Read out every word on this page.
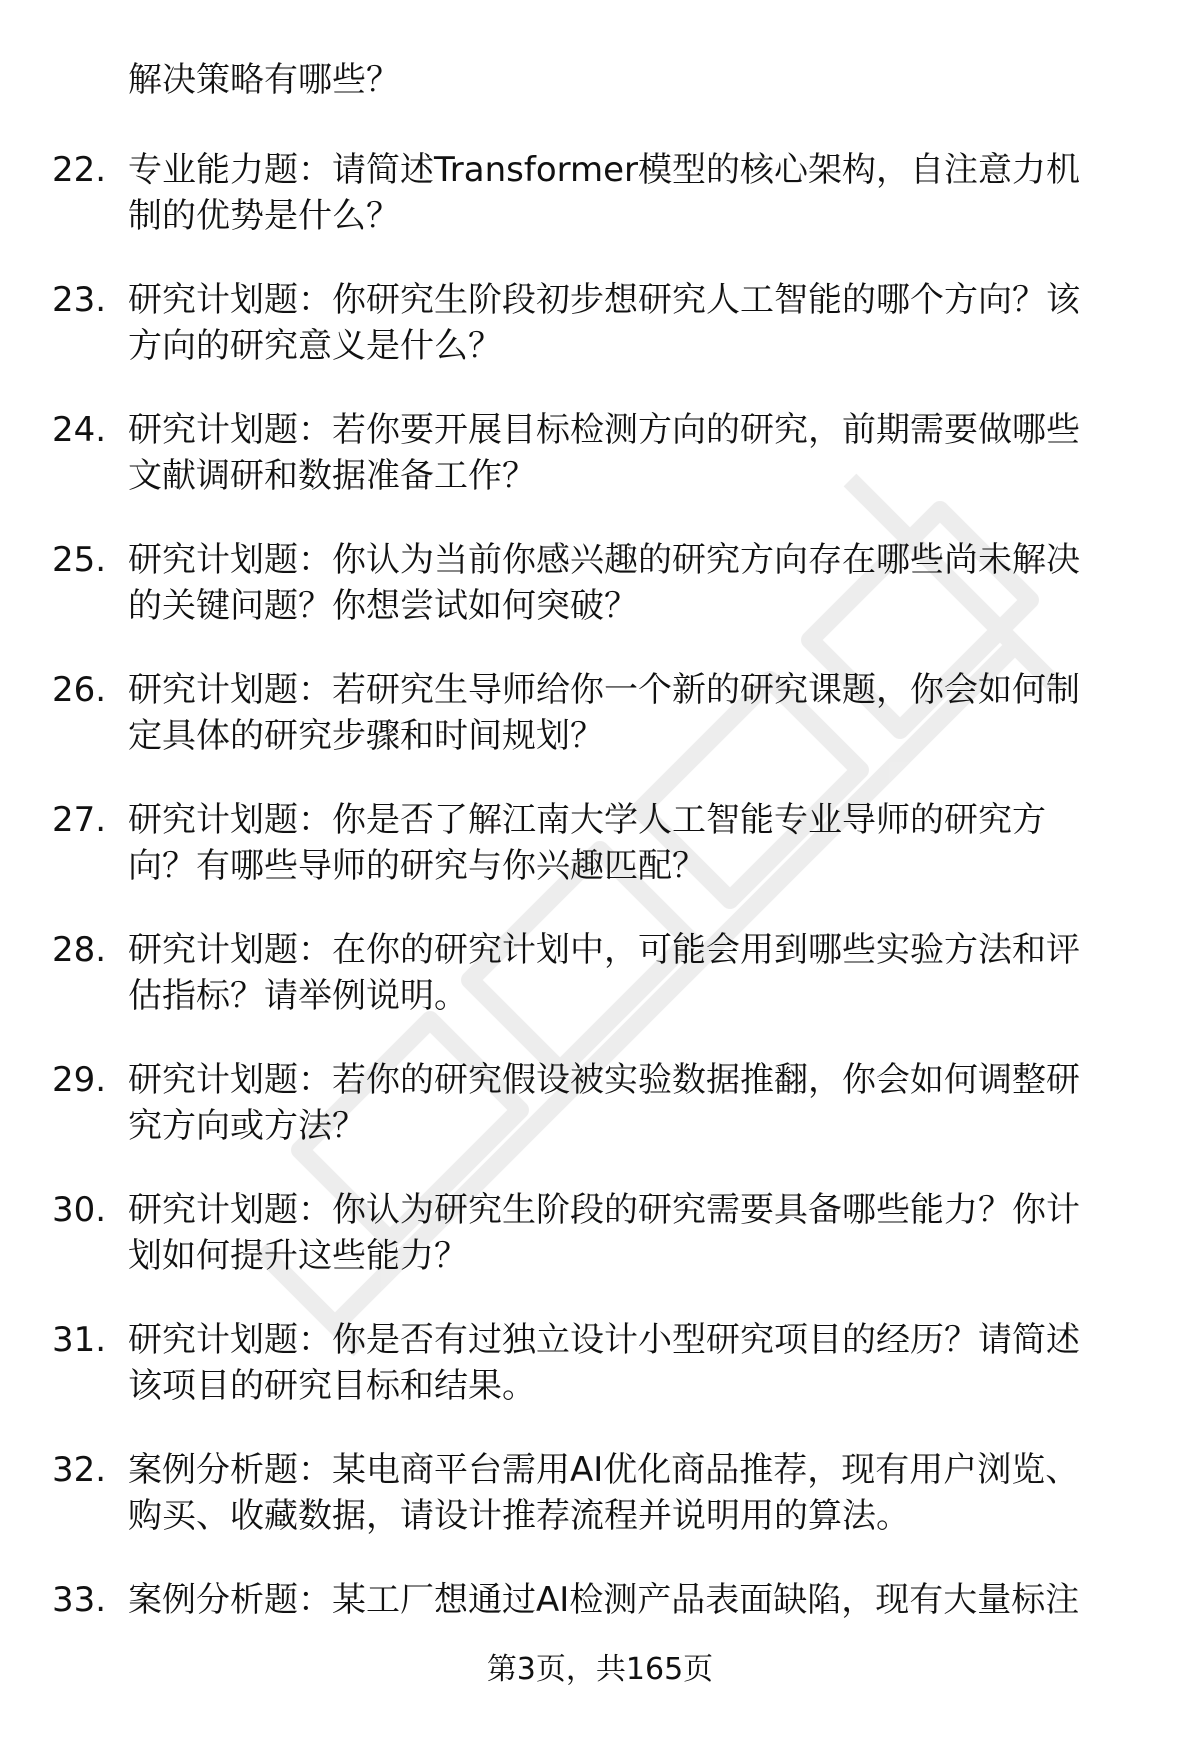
解决策略有哪些？
22. 专业能力题：请简述Transformer模型的核心架构，自注意力机
制的优势是什么？
23. 研究计划题：你研究生阶段初步想研究人工智能的哪个方向？该
方向的研究意义是什么？
24. 研究计划题：若你要开展目标检测方向的研究，前期需要做哪些
文献调研和数据准备工作？
25. 研究计划题：你认为当前你感兴趣的研究方向存在哪些尚未解决
的关键问题？你想尝试如何突破？
26. 研究计划题：若研究生导师给你一个新的研究课题，你会如何制
定具体的研究步骤和时间规划？
27. 研究计划题：你是否了解江南大学人工智能专业导师的研究方
向？有哪些导师的研究与你兴趣匹配？
28. 研究计划题：在你的研究计划中，可能会用到哪些实验方法和评
估指标？请举例说明。
29. 研究计划题：若你的研究假设被实验数据推翻，你会如何调整研
究方向或方法？
30. 研究计划题：你认为研究生阶段的研究需要具备哪些能力？你计
划如何提升这些能力？
31. 研究计划题：你是否有过独立设计小型研究项目的经历？请简述
该项目的研究目标和结果。
32. 案例分析题：某电商平台需用AI优化商品推荐，现有用户浏览、
购买、收藏数据，请设计推荐流程并说明用的算法。
33. 案例分析题：某工厂想通过AI检测产品表面缺陷，现有大量标注
第3页，共165页
